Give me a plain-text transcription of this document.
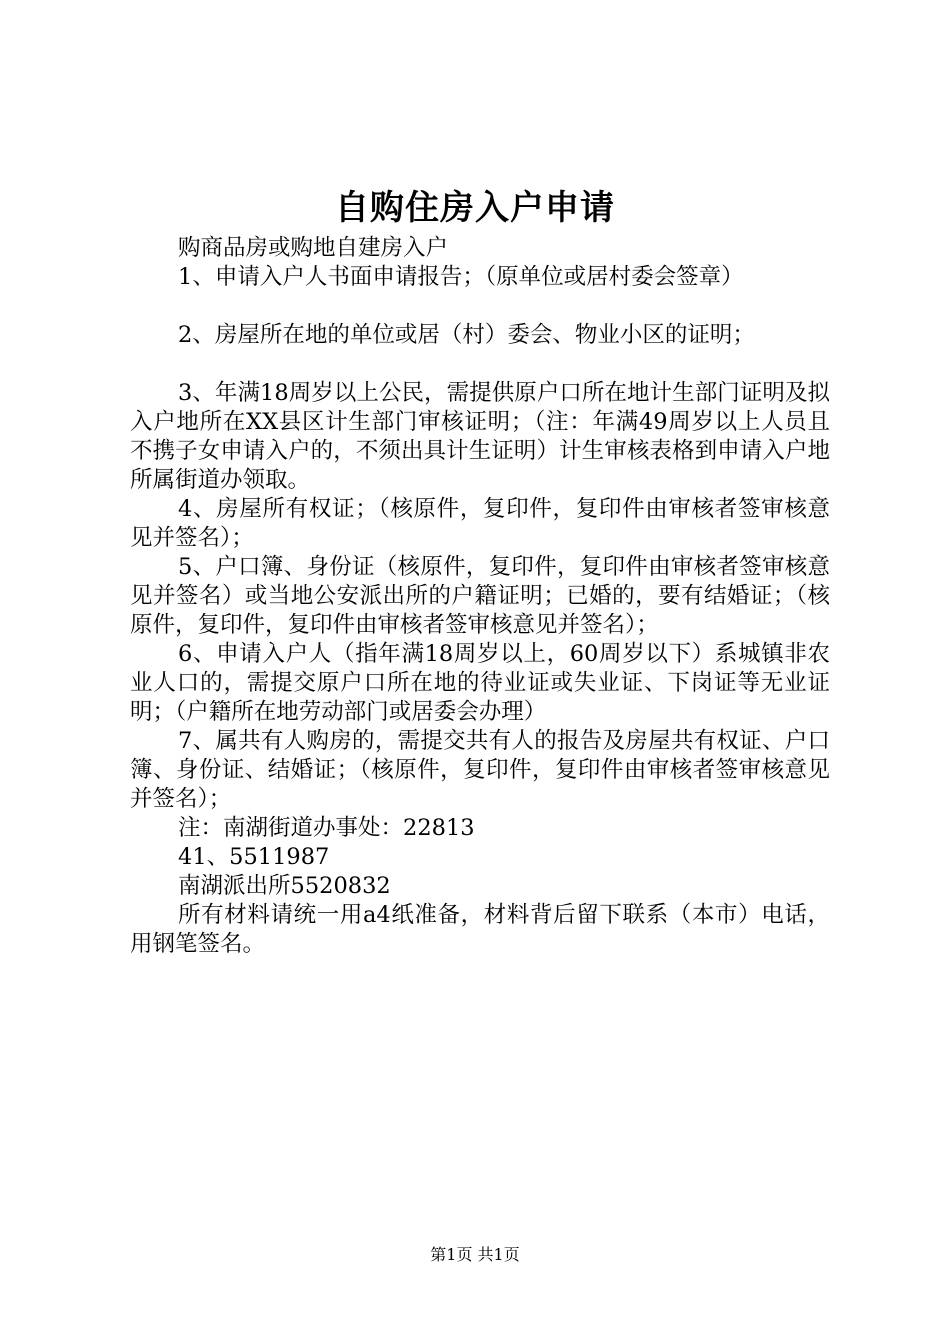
自购住房入户申请

购商品房或购地自建房入户

1、申请入户人书面申请报告；（原单位或居村委会签章）

2、房屋所在地的单位或居（村）委会、物业小区的证明；

3、年满18周岁以上公民，需提供原户口所在地计生部门证明及拟入户地所在XX县区计生部门审核证明；（注：年满49周岁以上人员且不携子女申请入户的，不须出具计生证明）计生审核表格到申请入户地所属街道办领取。

4、房屋所有权证；（核原件，复印件，复印件由审核者签审核意见并签名）；

5、户口簿、身份证（核原件，复印件，复印件由审核者签审核意见并签名）或当地公安派出所的户籍证明；已婚的，要有结婚证；（核原件，复印件，复印件由审核者签审核意见并签名）；

6、申请入户人（指年满18周岁以上，60周岁以下）系城镇非农业人口的，需提交原户口所在地的待业证或失业证、下岗证等无业证明；（户籍所在地劳动部门或居委会办理）

7、属共有人购房的，需提交共有人的报告及房屋共有权证、户口簿、身份证、结婚证；（核原件，复印件，复印件由审核者签审核意见并签名）；

注：南湖街道办事处：22813

41、5511987

南湖派出所5520832

所有材料请统一用a4纸准备，材料背后留下联系（本市）电话，用钢笔签名。

第1页 共1页
